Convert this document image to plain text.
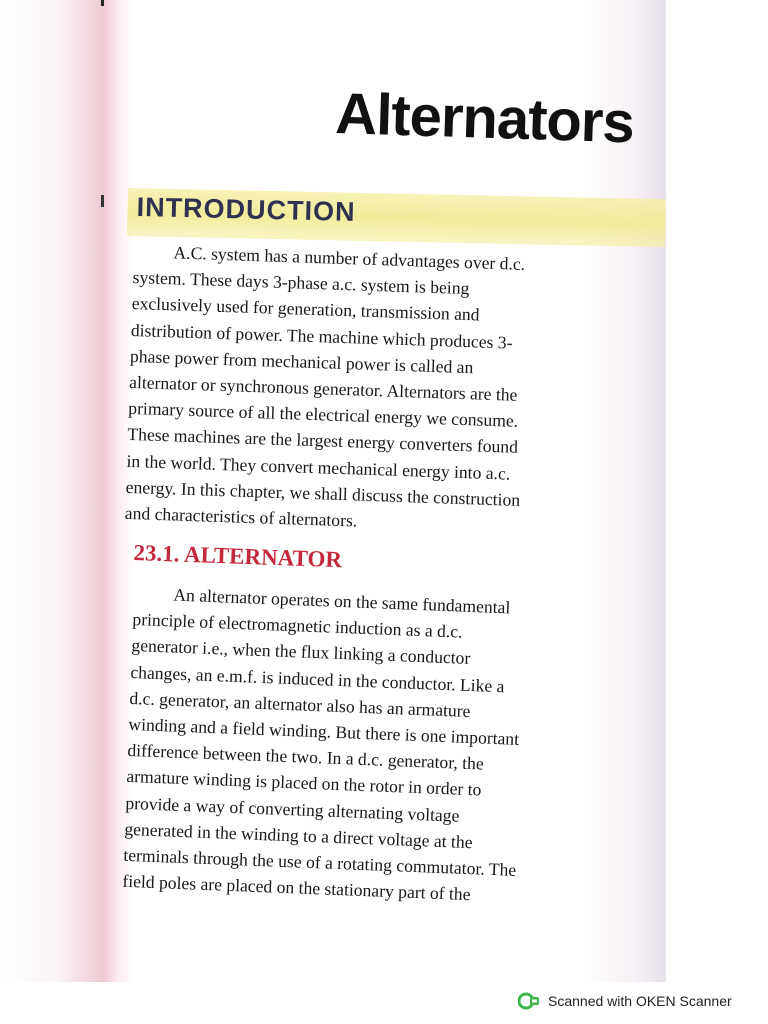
Alternators
INTRODUCTION

A.C. system has a number of advantages over d.c.
system. These days 3-phase a.c. system is being
exclusively used for generation, transmission and
distribution of power. The machine which produces 3-
phase power from mechanical power is called an
alternator or synchronous generator. Alternators are the
primary source of all the electrical energy we consume.
These machines are the largest energy converters found
in the world. They convert mechanical energy into a.c.
energy. In this chapter, we shall discuss the construction
and characteristics of alternators.

23.1. ALTERNATOR

An alternator operates on the same fundamental
principle of electromagnetic induction as a d.c.
generator i.e., when the flux linking a conductor
changes, an e.m.f. is induced in the conductor. Like a
d.c. generator, an alternator also has an armature
winding and a field winding. But there is one important
difference between the two. In a d.c. generator, the
armature winding is placed on the rotor in order to
provide a way of converting alternating voltage
generated in the winding to a direct voltage at the
terminals through the use of a rotating commutator. The
field poles are placed on the stationary part of the

Scanned with OKEN Scanner
